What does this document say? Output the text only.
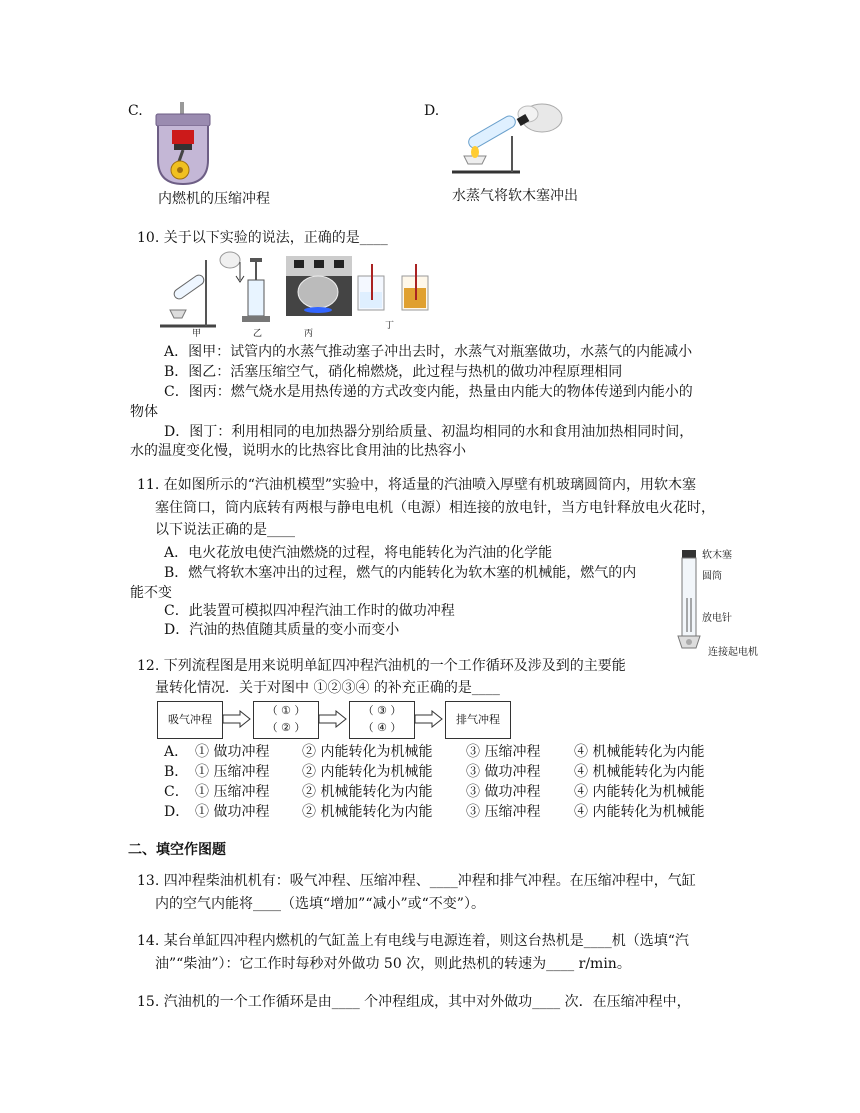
C.
内燃机的压缩冲程
D.
水蒸气将软木塞冲出
10. 关于以下实验的说法，正确的是____
甲	乙	丙
丁
A．图甲：试管内的水蒸气推动塞子冲出去时，水蒸气对瓶塞做功，水蒸气的内能减小
B．图乙：活塞压缩空气，硝化棉燃烧，此过程与热机的做功冲程原理相同
C．图丙：燃气烧水是用热传递的方式改变内能，热量由内能大的物体传递到内能小的
物体
D．图丁：利用相同的电加热器分别给质量、初温均相同的水和食用油加热相同时间，
水的温度变化慢，说明水的比热容比食用油的比热容小
11. 在如图所示的“汽油机模型”实验中，将适量的汽油喷入厚壁有机玻璃圆筒内，用软木塞
塞住筒口，筒内底转有两根与静电电机（电源）相连接的放电针，当方电针释放电火花时，
以下说法正确的是____
A．电火花放电使汽油燃烧的过程，将电能转化为汽油的化学能
B．燃气将软木塞冲出的过程，燃气的内能转化为软木塞的机械能，燃气的内
能不变
C．此装置可模拟四冲程汽油工作时的做功冲程
D．汽油的热值随其质量的变小而变小
软木塞
圆筒
放电针
连接起电机
12. 下列流程图是用来说明单缸四冲程汽油机的一个工作循环及涉及到的主要能
量转化情况．关于对图中 ①②③④ 的补充正确的是____
吸气冲程
（ ① ）
（ ② ）
（ ③ ）
（ ④ ）
排气冲程
A． ① 做功冲程 ② 内能转化为机械能 ③ 压缩冲程 ④ 机械能转化为内能
B． ① 压缩冲程 ② 内能转化为机械能 ③ 做功冲程 ④ 机械能转化为内能
C． ① 压缩冲程 ② 机械能转化为内能 ③ 做功冲程 ④ 内能转化为机械能
D． ① 做功冲程 ② 机械能转化为内能 ③ 压缩冲程 ④ 内能转化为机械能
二、填空作图题
13. 四冲程柴油机机有：吸气冲程、压缩冲程、____冲程和排气冲程。在压缩冲程中，气缸
内的空气内能将____（选填“增加”“减小”或“不变”）。
14. 某台单缸四冲程内燃机的气缸盖上有电线与电源连着，则这台热机是____机（选填“汽
油”“柴油”）：它工作时每秒对外做功 50 次，则此热机的转速为____ r/min。
15. 汽油机的一个工作循环是由____ 个冲程组成，其中对外做功____ 次．在压缩冲程中，
